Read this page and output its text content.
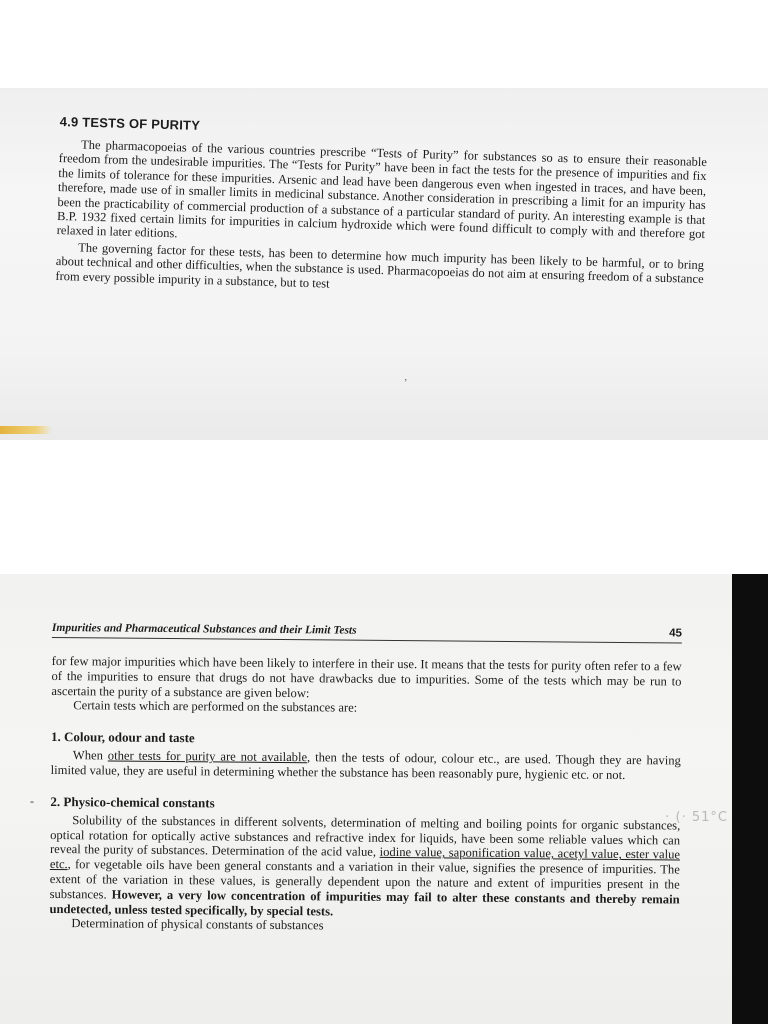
4.9 TESTS OF PURITY

The pharmacopoeias of the various countries prescribe “Tests of Purity” for substances so as to ensure their reasonable freedom from the undesirable impurities. The “Tests for Purity” have been in fact the tests for the presence of impurities and fix the limits of tolerance for these impurities. Arsenic and lead have been dangerous even when ingested in traces, and have been, therefore, made use of in smaller limits in medicinal substance. Another consideration in prescribing a limit for an impurity has been the practicability of commercial production of a substance of a particular standard of purity. An interesting example is that B.P. 1932 fixed certain limits for impurities in calcium hydroxide which were found difficult to comply with and therefore got relaxed in later editions.

The governing factor for these tests, has been to determine how much impurity has been likely to be harmful, or to bring about technical and other difficulties, when the substance is used. Pharmacopoeias do not aim at ensuring freedom of a substance from every possible impurity in a substance, but to test

ʼ
-
· (· 51°C
Impurities and Pharmaceutical Substances and their Limit Tests	45

for few major impurities which have been likely to interfere in their use. It means that the tests for purity often refer to a few of the impurities to ensure that drugs do not have drawbacks due to impurities. Some of the tests which may be run to ascertain the purity of a substance are given below:

Certain tests which are performed on the substances are:

1. Colour, odour and taste

When other tests for purity are not available, then the tests of odour, colour etc., are used. Though they are having limited value, they are useful in determining whether the substance has been reasonably pure, hygienic etc. or not.

2. Physico-chemical constants

Solubility of the substances in different solvents, determination of melting and boiling points for organic substances, optical rotation for optically active substances and refractive index for liquids, have been some reliable values which can reveal the purity of substances. Determination of the acid value, iodine value, saponification value, acetyl value, ester value etc., for vegetable oils have been general constants and a variation in their value, signifies the presence of impurities. The extent of the variation in these values, is generally dependent upon the nature and extent of impurities present in the substances. However, a very low concentration of impurities may fail to alter these constants and thereby remain undetected, unless tested specifically, by special tests.

Determination of physical constants of substances
